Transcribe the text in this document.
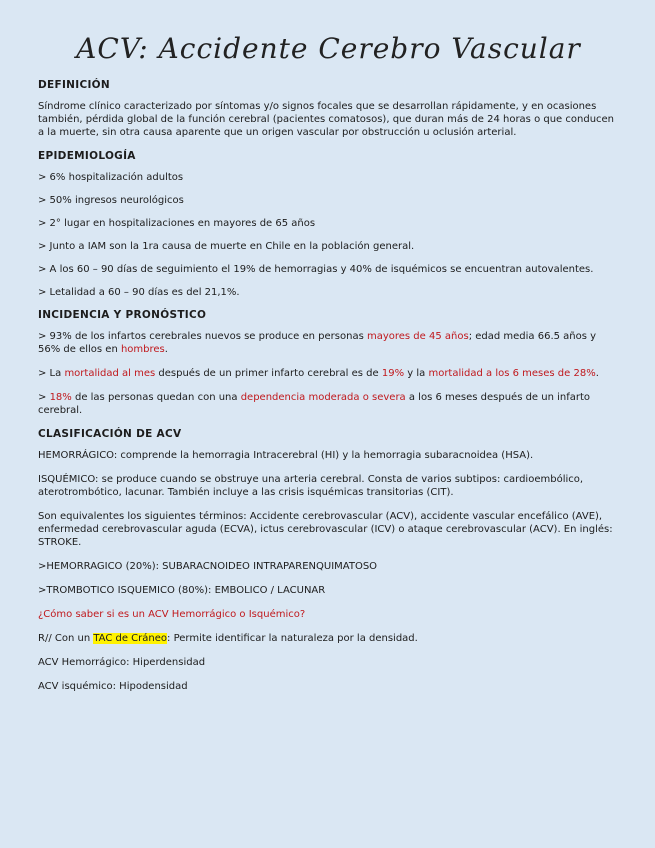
ACV: Accidente Cerebro Vascular
DEFINICIÓN

Síndrome clínico caracterizado por síntomas y/o signos focales que se desarrollan rápidamente, y en ocasiones también, pérdida global de la función cerebral (pacientes comatosos), que duran más de 24 horas o que conducen a la muerte, sin otra causa aparente que un origen vascular por obstrucción u oclusión arterial.

EPIDEMIOLOGÍA

> 6% hospitalización adultos

> 50% ingresos neurológicos

> 2° lugar en hospitalizaciones en mayores de 65 años

> Junto a IAM son la 1ra causa de muerte en Chile en la población general.

> A los 60 – 90 días de seguimiento el 19% de hemorragias y 40% de isquémicos se encuentran autovalentes.

> Letalidad a 60 – 90 días es del 21,1%.

INCIDENCIA Y PRONÓSTICO

> 93% de los infartos cerebrales nuevos se produce en personas mayores de 45 años; edad media 66.5 años y 56% de ellos en hombres.

> La mortalidad al mes después de un primer infarto cerebral es de 19% y la mortalidad a los 6 meses de 28%.

> 18% de las personas quedan con una dependencia moderada o severa a los 6 meses después de un infarto cerebral.

CLASIFICACIÓN DE ACV

HEMORRÁGICO: comprende la hemorragia Intracerebral (HI) y la hemorragia subaracnoidea (HSA).

ISQUÉMICO: se produce cuando se obstruye una arteria cerebral. Consta de varios subtipos: cardioembólico, aterotrombótico, lacunar. También incluye a las crisis isquémicas transitorias (CIT).

Son equivalentes los siguientes términos: Accidente cerebrovascular (ACV), accidente vascular encefálico (AVE), enfermedad cerebrovascular aguda (ECVA), ictus cerebrovascular (ICV) o ataque cerebrovascular (ACV). En inglés: STROKE.

>HEMORRAGICO (20%): SUBARACNOIDEO INTRAPARENQUIMATOSO

>TROMBOTICO ISQUEMICO (80%): EMBOLICO / LACUNAR

¿Cómo saber si es un ACV Hemorrágico o Isquémico?

R// Con un TAC de Cráneo: Permite identificar la naturaleza por la densidad.

ACV Hemorrágico: Hiperdensidad

ACV isquémico: Hipodensidad
